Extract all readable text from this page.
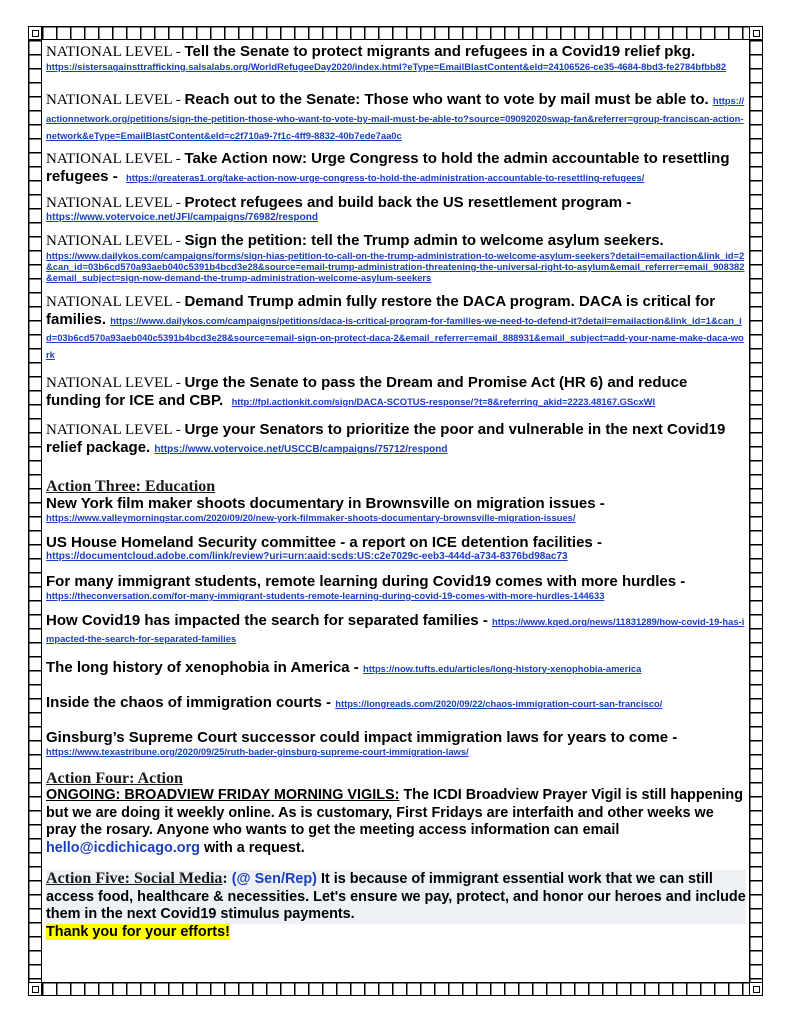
NATIONAL LEVEL - Tell the Senate to protect migrants and refugees in a Covid19 relief pkg.
https://sistersagainsttrafficking.salsalabs.org/WorldRefugeeDay2020/index.html?eType=EmailBlastContent&eId=24106526-ce35-4684-8bd3-fe2784bfbb82
NATIONAL LEVEL - Reach out to the Senate: Those who want to vote by mail must be able to. https://actionnetwork.org/petitions/sign-the-petition-those-who-want-to-vote-by-mail-must-be-able-to?source=09092020swap-fan&referrer=group-franciscan-action-network&eType=EmailBlastContent&eId=c2f710a9-7f1c-4ff9-8832-40b7ede7aa0c
NATIONAL LEVEL - Take Action now: Urge Congress to hold the admin accountable to resettling refugees - https://greateras1.org/take-action-now-urge-congress-to-hold-the-administration-accountable-to-resettling-refugees/
NATIONAL LEVEL - Protect refugees and build back the US resettlement program -
https://www.votervoice.net/JFI/campaigns/76982/respond
NATIONAL LEVEL - Sign the petition: tell the Trump admin to welcome asylum seekers.
https://www.dailykos.com/campaigns/forms/sign-hias-petition-to-call-on-the-trump-administration-to-welcome-asylum-seekers?detail=emailaction&link_id=2&can_id=03b6cd570a93aeb040c5391b4bcd3e28&source=email-trump-administration-threatening-the-universal-right-to-asylum&email_referrer=email_908382&email_subject=sign-now-demand-the-trump-administration-welcome-asylum-seekers
NATIONAL LEVEL - Demand Trump admin fully restore the DACA program. DACA is critical for families. https://www.dailykos.com/campaigns/petitions/daca-is-critical-program-for-families-we-need-to-defend-it?detail=emailaction&link_id=1&can_id=03b6cd570a93aeb040c5391b4bcd3e28&source=email-sign-on-protect-daca-2&email_referrer=email_888931&email_subject=add-your-name-make-daca-work
NATIONAL LEVEL - Urge the Senate to pass the Dream and Promise Act (HR 6) and reduce funding for ICE and CBP. http://fpl.actionkit.com/sign/DACA-SCOTUS-response/?t=8&referring_akid=2223.48167.GScxWl
NATIONAL LEVEL - Urge your Senators to prioritize the poor and vulnerable in the next Covid19 relief package. https://www.votervoice.net/USCCB/campaigns/75712/respond
Action Three: Education
New York film maker shoots documentary in Brownsville on migration issues -
https://www.valleymorningstar.com/2020/09/20/new-york-filmmaker-shoots-documentary-brownsville-migration-issues/
US House Homeland Security committee - a report on ICE detention facilities -
https://documentcloud.adobe.com/link/review?uri=urn:aaid:scds:US:c2e7029c-eeb3-444d-a734-8376bd98ac73
For many immigrant students, remote learning during Covid19 comes with more hurdles -
https://theconversation.com/for-many-immigrant-students-remote-learning-during-covid-19-comes-with-more-hurdles-144633
How Covid19 has impacted the search for separated families - https://www.kqed.org/news/11831289/how-covid-19-has-impacted-the-search-for-separated-families
The long history of xenophobia in America - https://now.tufts.edu/articles/long-history-xenophobia-america
Inside the chaos of immigration courts - https://longreads.com/2020/09/22/chaos-immigration-court-san-francisco/
Ginsburg’s Supreme Court successor could impact immigration laws for years to come -
https://www.texastribune.org/2020/09/25/ruth-bader-ginsburg-supreme-court-immigration-laws/
Action Four: Action
ONGOING: BROADVIEW FRIDAY MORNING VIGILS: The ICDI Broadview Prayer Vigil is still happening but we are doing it weekly online. As is customary, First Fridays are interfaith and other weeks we pray the rosary. Anyone who wants to get the meeting access information can email hello@icdichicago.org with a request.
Action Five: Social Media: (@ Sen/Rep) It is because of immigrant essential work that we can still access food, healthcare & necessities. Let's ensure we pay, protect, and honor our heroes and include them in the next Covid19 stimulus payments.
Thank you for your efforts!
